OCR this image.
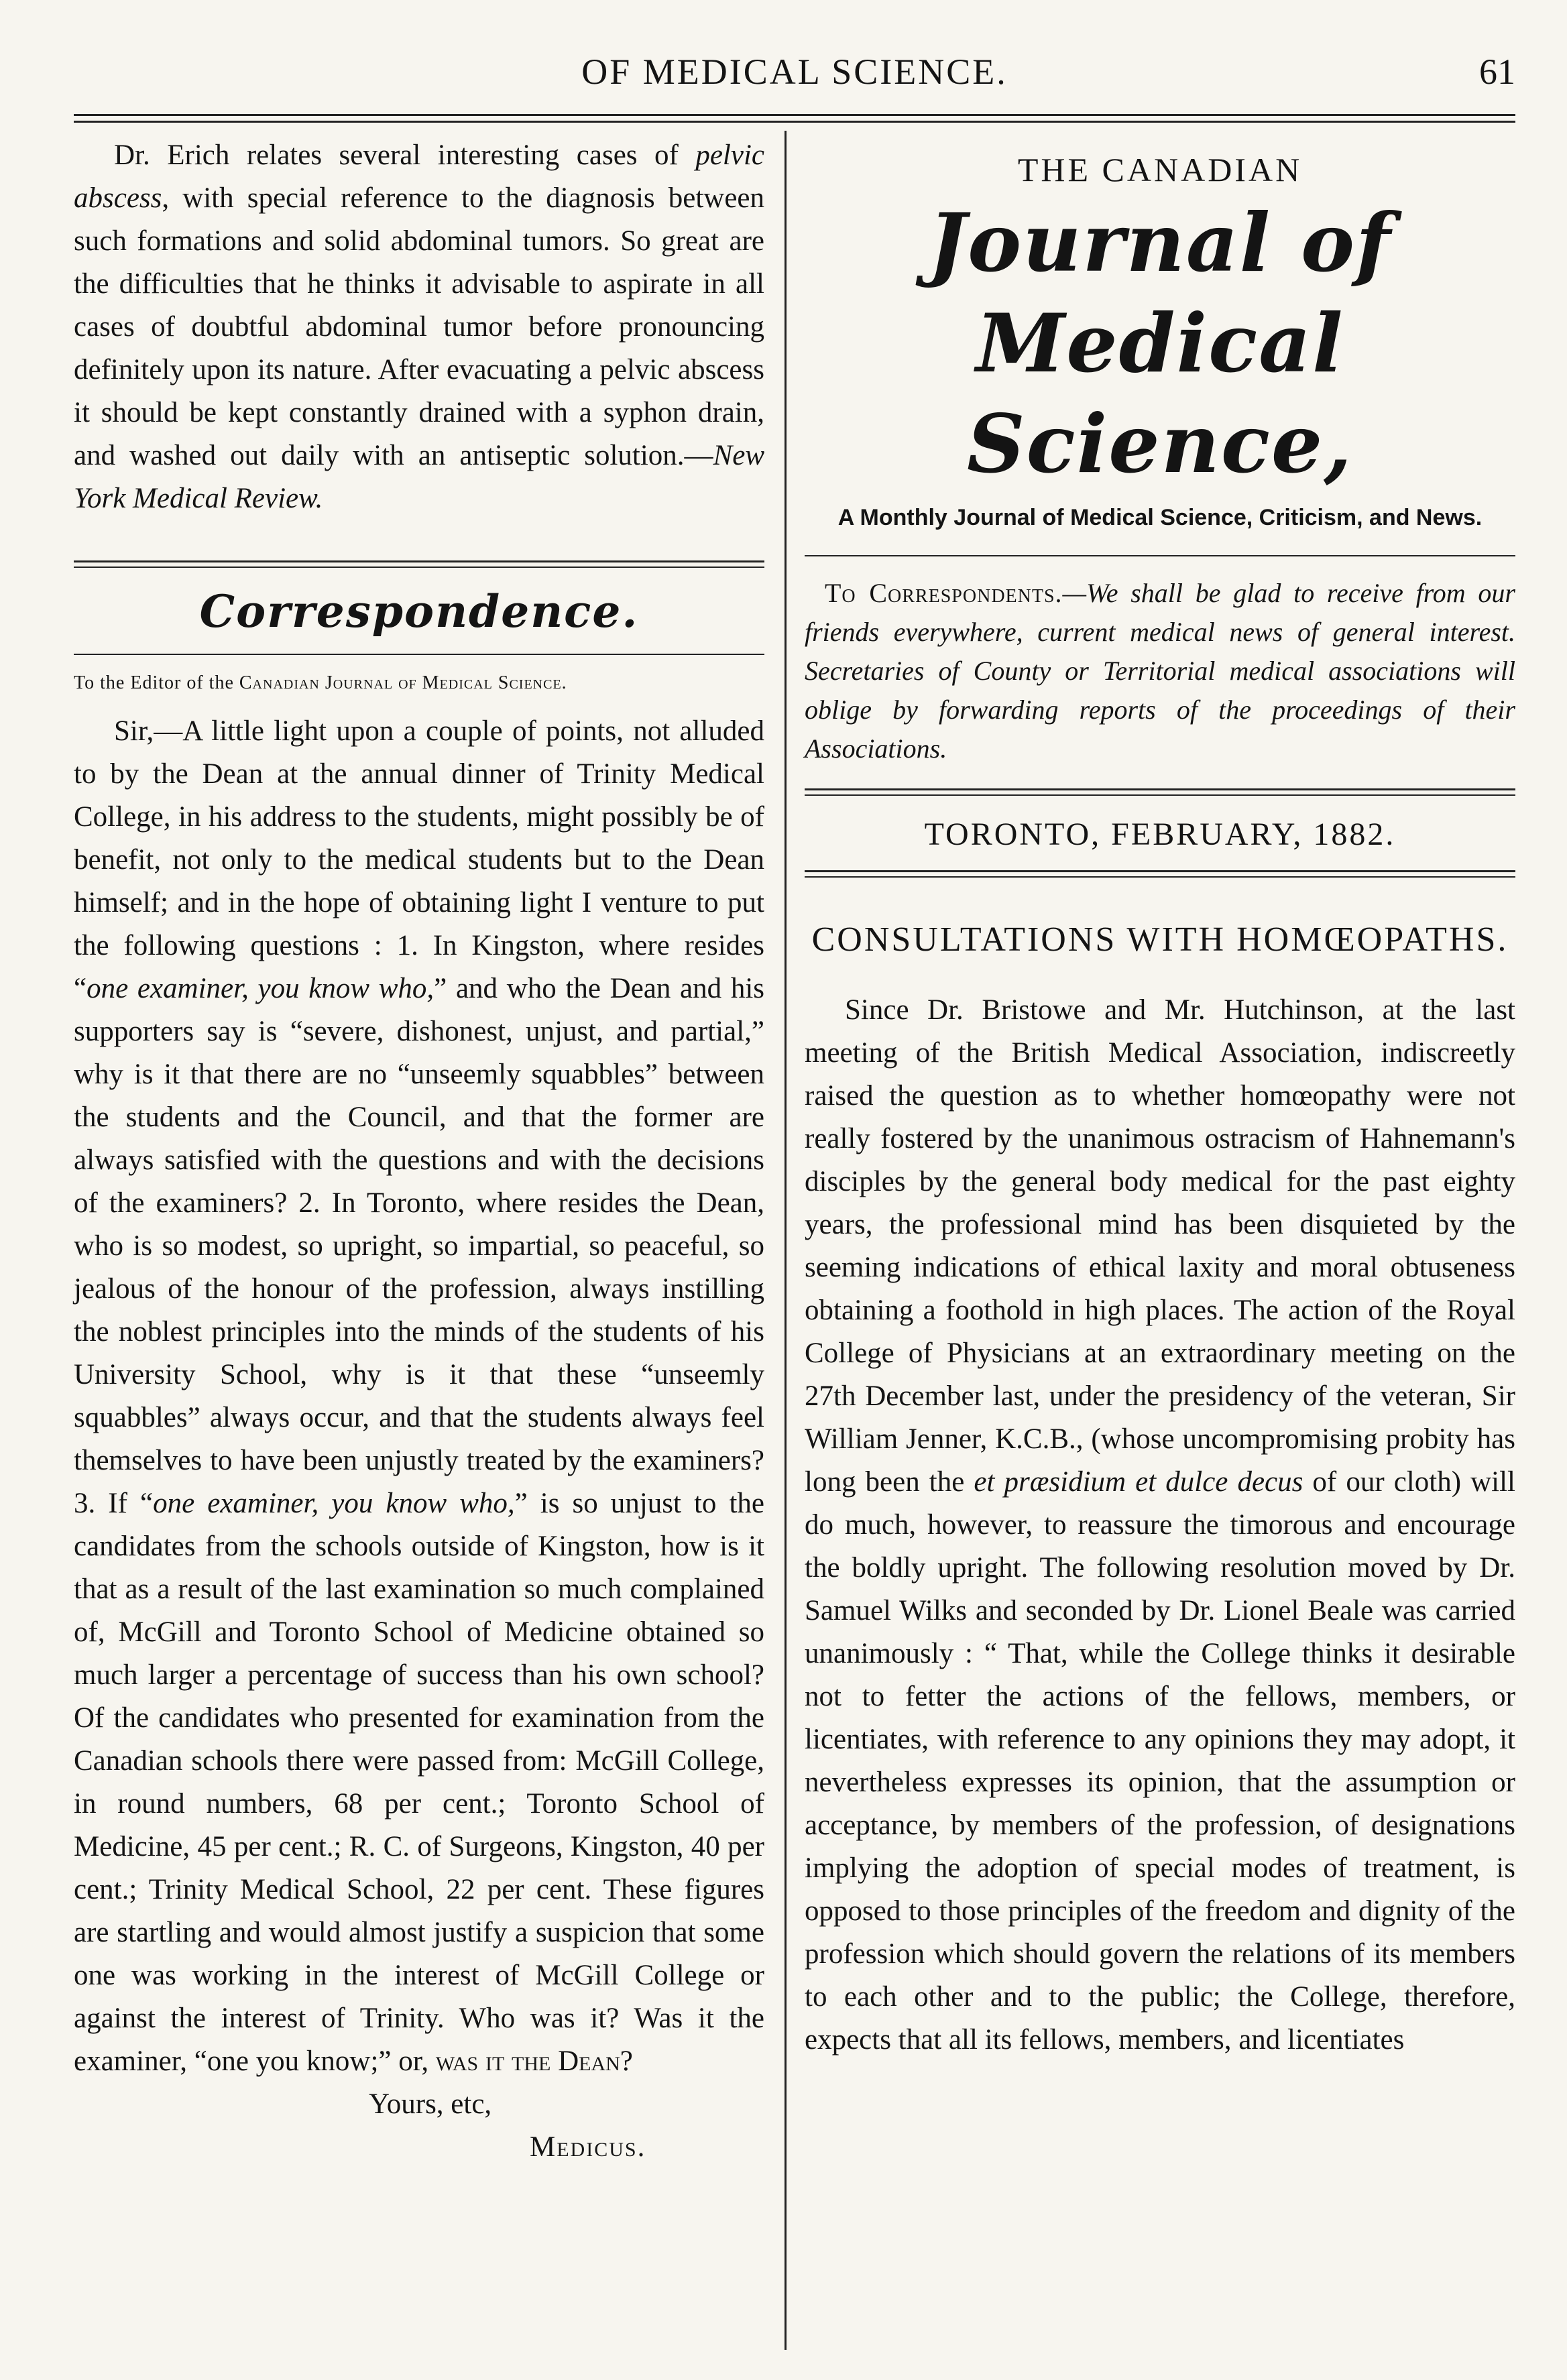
OF MEDICAL SCIENCE.	61

Dr. Erich relates several interesting cases of pelvic abscess, with special reference to the diagnosis between such formations and solid abdominal tumors. So great are the difficulties that he thinks it advisable to aspirate in all cases of doubtful abdominal tumor before pronouncing definitely upon its nature. After evacuating a pelvic abscess it should be kept constantly drained with a syphon drain, and washed out daily with an antiseptic solution.—New York Medical Review.

Correspondence.
To the Editor of the Canadian Journal of Medical Science.

Sir,—A little light upon a couple of points, not alluded to by the Dean at the annual dinner of Trinity Medical College, in his address to the students, might possibly be of benefit, not only to the medical students but to the Dean himself; and in the hope of obtaining light I venture to put the following questions : 1. In Kingston, where resides “one examiner, you know who,” and who the Dean and his supporters say is “severe, dishonest, unjust, and partial,” why is it that there are no “unseemly squabbles” between the students and the Council, and that the former are always satisfied with the questions and with the decisions of the examiners? 2. In Toronto, where resides the Dean, who is so modest, so upright, so impartial, so peaceful, so jealous of the honour of the profession, always instilling the noblest principles into the minds of the students of his University School, why is it that these “unseemly squabbles” always occur, and that the students always feel themselves to have been unjustly treated by the examiners? 3. If “one examiner, you know who,” is so unjust to the candidates from the schools outside of Kingston, how is it that as a result of the last examination so much complained of, McGill and Toronto School of Medicine obtained so much larger a percentage of success than his own school? Of the candidates who presented for examination from the Canadian schools there were passed from: McGill College, in round numbers, 68 per cent.; Toronto School of Medicine, 45 per cent.; R. C. of Surgeons, Kingston, 40 per cent.; Trinity Medical School, 22 per cent. These figures are startling and would almost justify a suspicion that some one was working in the interest of McGill College or against the interest of Trinity. Who was it? Was it the examiner, “one you know;” or, was it the Dean?

Yours, etc,

Medicus.

THE CANADIAN
Journal of Medical Science,
A Monthly Journal of Medical Science, Criticism, and News.

To Correspondents.—We shall be glad to receive from our friends everywhere, current medical news of general interest. Secretaries of County or Territorial medical associations will oblige by forwarding reports of the proceedings of their Associations.

TORONTO, FEBRUARY, 1882.
CONSULTATIONS WITH HOMŒOPATHS.

Since Dr. Bristowe and Mr. Hutchinson, at the last meeting of the British Medical Association, indiscreetly raised the question as to whether homœopathy were not really fostered by the unanimous ostracism of Hahnemann's disciples by the general body medical for the past eighty years, the professional mind has been disquieted by the seeming indications of ethical laxity and moral obtuseness obtaining a foothold in high places. The action of the Royal College of Physicians at an extraordinary meeting on the 27th December last, under the presidency of the veteran, Sir William Jenner, K.C.B., (whose uncompromising probity has long been the et præsidium et dulce decus of our cloth) will do much, however, to reassure the timorous and encourage the boldly upright. The following resolution moved by Dr. Samuel Wilks and seconded by Dr. Lionel Beale was carried unanimously : “ That, while the College thinks it desirable not to fetter the actions of the fellows, members, or licentiates, with reference to any opinions they may adopt, it nevertheless expresses its opinion, that the assumption or acceptance, by members of the profession, of designations implying the adoption of special modes of treatment, is opposed to those principles of the freedom and dignity of the profession which should govern the relations of its members to each other and to the public; the College, therefore, expects that all its fellows, members, and licentiates
